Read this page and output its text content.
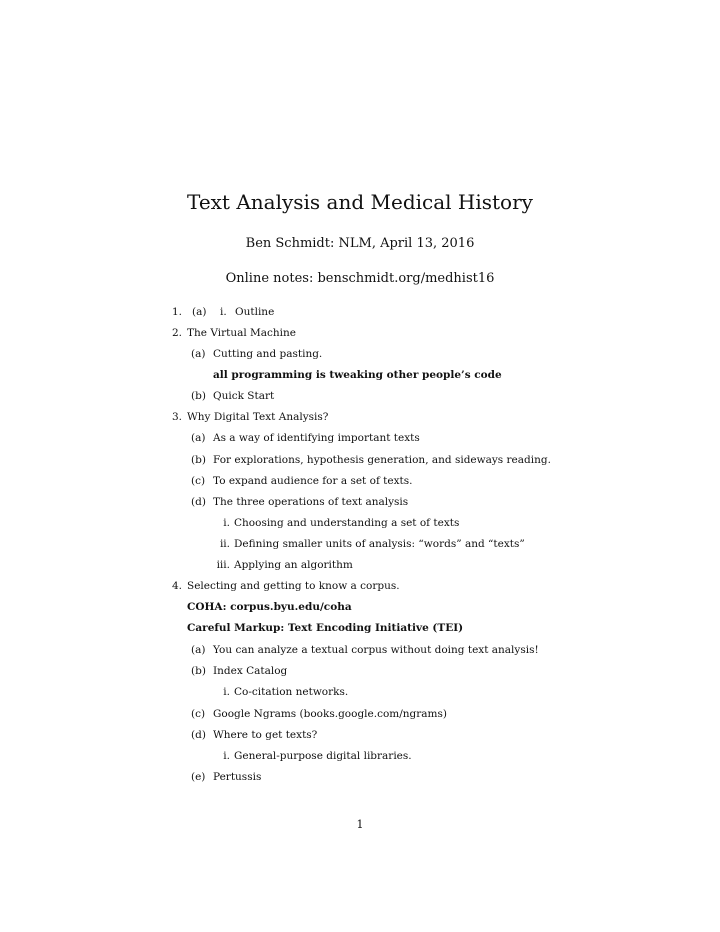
Text Analysis and Medical History
Ben Schmidt: NLM, April 13, 2016
Online notes: benschmidt.org/medhist16
1. (a) i. Outline
2. The Virtual Machine
(a) Cutting and pasting.
all programming is tweaking other people’s code
(b) Quick Start
3. Why Digital Text Analysis?
(a) As a way of identifying important texts
(b) For explorations, hypothesis generation, and sideways reading.
(c) To expand audience for a set of texts.
(d) The three operations of text analysis
i. Choosing and understanding a set of texts
ii. Defining smaller units of analysis: “words” and “texts”
iii. Applying an algorithm
4. Selecting and getting to know a corpus.
COHA: corpus.byu.edu/coha
Careful Markup: Text Encoding Initiative (TEI)
(a) You can analyze a textual corpus without doing text analysis!
(b) Index Catalog
i. Co-citation networks.
(c) Google Ngrams (books.google.com/ngrams)
(d) Where to get texts?
i. General-purpose digital libraries.
(e) Pertussis
1
